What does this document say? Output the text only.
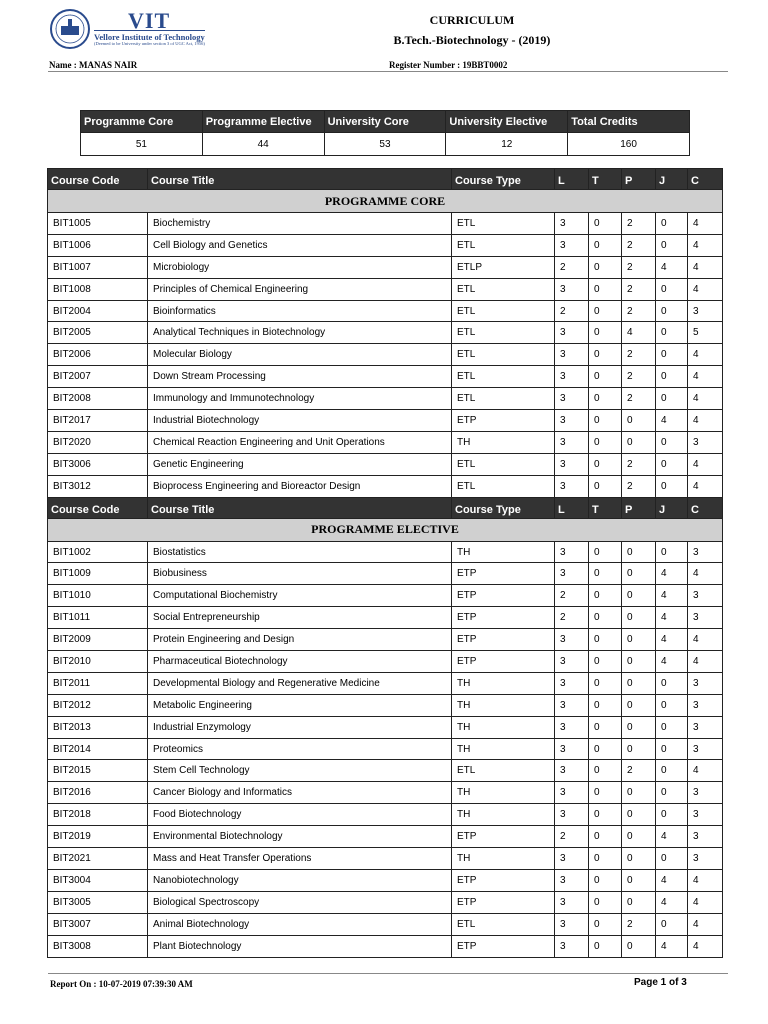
VIT
Vellore Institute of Technology
(Deemed to be University under section 3 of UGC Act, 1956)
CURRICULUM
B.Tech.-Biotechnology - (2019)
Name : MANAS NAIR	Register Number : 19BBT0002
Programme Core	Programme Elective	University Core	University Elective	Total Credits
51	44	53	12	160
Course Code	Course Title	Course Type	L	T	P	J	C
PROGRAMME CORE							
BIT1005	Biochemistry	ETL	3	0	2	0	4
BIT1006	Cell Biology and Genetics	ETL	3	0	2	0	4
BIT1007	Microbiology	ETLP	2	0	2	4	4
BIT1008	Principles of Chemical Engineering	ETL	3	0	2	0	4
BIT2004	Bioinformatics	ETL	2	0	2	0	3
BIT2005	Analytical Techniques in Biotechnology	ETL	3	0	4	0	5
BIT2006	Molecular Biology	ETL	3	0	2	0	4
BIT2007	Down Stream Processing	ETL	3	0	2	0	4
BIT2008	Immunology and Immunotechnology	ETL	3	0	2	0	4
BIT2017	Industrial Biotechnology	ETP	3	0	0	4	4
BIT2020	Chemical Reaction Engineering and Unit Operations	TH	3	0	0	0	3
BIT3006	Genetic Engineering	ETL	3	0	2	0	4
BIT3012	Bioprocess Engineering and Bioreactor Design	ETL	3	0	2	0	4
Course Code	Course Title	Course Type	L	T	P	J	C
PROGRAMME ELECTIVE							
BIT1002	Biostatistics	TH	3	0	0	0	3
BIT1009	Biobusiness	ETP	3	0	0	4	4
BIT1010	Computational Biochemistry	ETP	2	0	0	4	3
BIT1011	Social Entrepreneurship	ETP	2	0	0	4	3
BIT2009	Protein Engineering and Design	ETP	3	0	0	4	4
BIT2010	Pharmaceutical Biotechnology	ETP	3	0	0	4	4
BIT2011	Developmental Biology and Regenerative Medicine	TH	3	0	0	0	3
BIT2012	Metabolic Engineering	TH	3	0	0	0	3
BIT2013	Industrial Enzymology	TH	3	0	0	0	3
BIT2014	Proteomics	TH	3	0	0	0	3
BIT2015	Stem Cell Technology	ETL	3	0	2	0	4
BIT2016	Cancer Biology and Informatics	TH	3	0	0	0	3
BIT2018	Food Biotechnology	TH	3	0	0	0	3
BIT2019	Environmental Biotechnology	ETP	2	0	0	4	3
BIT2021	Mass and Heat Transfer Operations	TH	3	0	0	0	3
BIT3004	Nanobiotechnology	ETP	3	0	0	4	4
BIT3005	Biological Spectroscopy	ETP	3	0	0	4	4
BIT3007	Animal Biotechnology	ETL	3	0	2	0	4
BIT3008	Plant Biotechnology	ETP	3	0	0	4	4
Report On : 10-07-2019 07:39:30 AM	Page 1 of 3
